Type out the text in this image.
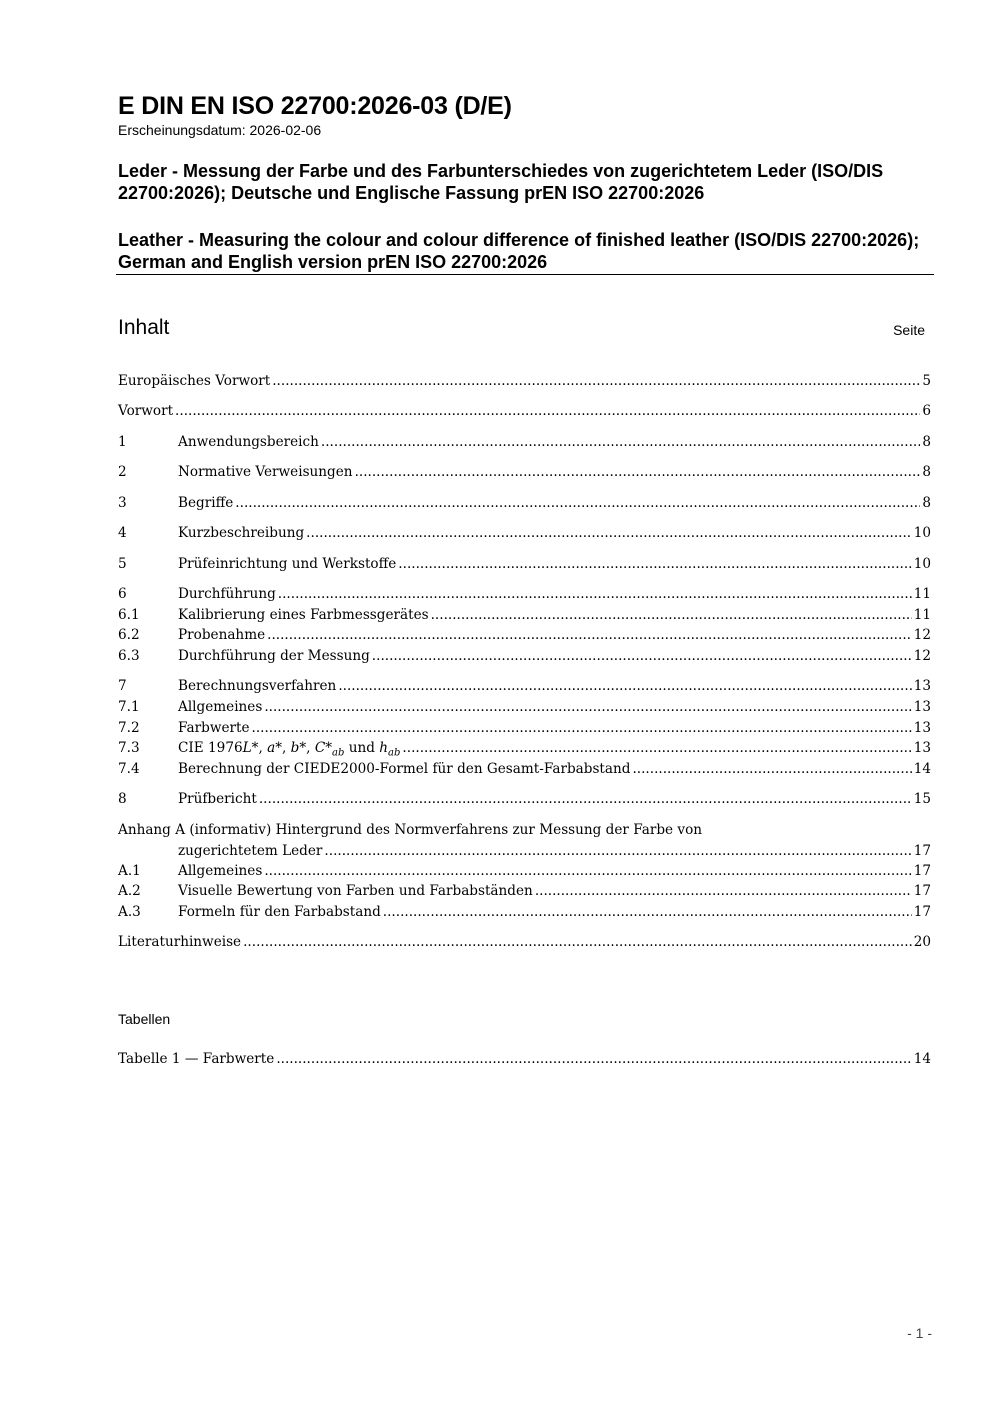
E DIN EN ISO 22700:2026-03 (D/E)
Erscheinungsdatum: 2026-02-06
Leder - Messung der Farbe und des Farbunterschiedes von zugerichtetem Leder (ISO/DIS 22700:2026); Deutsche und Englische Fassung prEN ISO 22700:2026
Leather - Measuring the colour and colour difference of finished leather (ISO/DIS 22700:2026); German and English version prEN ISO 22700:2026
Inhalt	Seite
Europäisches Vorwort .....	5
Vorwort .....	6
1	Anwendungsbereich .....	8
2	Normative Verweisungen .....	8
3	Begriffe .....	8
4	Kurzbeschreibung .....	10
5	Prüfeinrichtung und Werkstoffe .....	10
6	Durchführung .....	11
6.1	Kalibrierung eines Farbmessgerätes .....	11
6.2	Probenahme .....	12
6.3	Durchführung der Messung .....	12
7	Berechnungsverfahren .....	13
7.1	Allgemeines .....	13
7.2	Farbwerte .....	13
7.3	CIE 1976L*, a*, b*, $C*_{ab}$ und $h_{ab}$ .....	13
7.4	Berechnung der CIEDE2000-Formel für den Gesamt-Farbabstand .....	14
8	Prüfbericht .....	15
Anhang A (informativ) Hintergrund des Normverfahrens zur Messung der Farbe von
zugerichtetem Leder .....	17
A.1	Allgemeines .....	17
A.2	Visuelle Bewertung von Farben und Farbabständen .....	17
A.3	Formeln für den Farbabstand .....	17
Literaturhinweise .....	20
Tabellen
Tabelle 1 — Farbwerte .....	14
- 1 -
